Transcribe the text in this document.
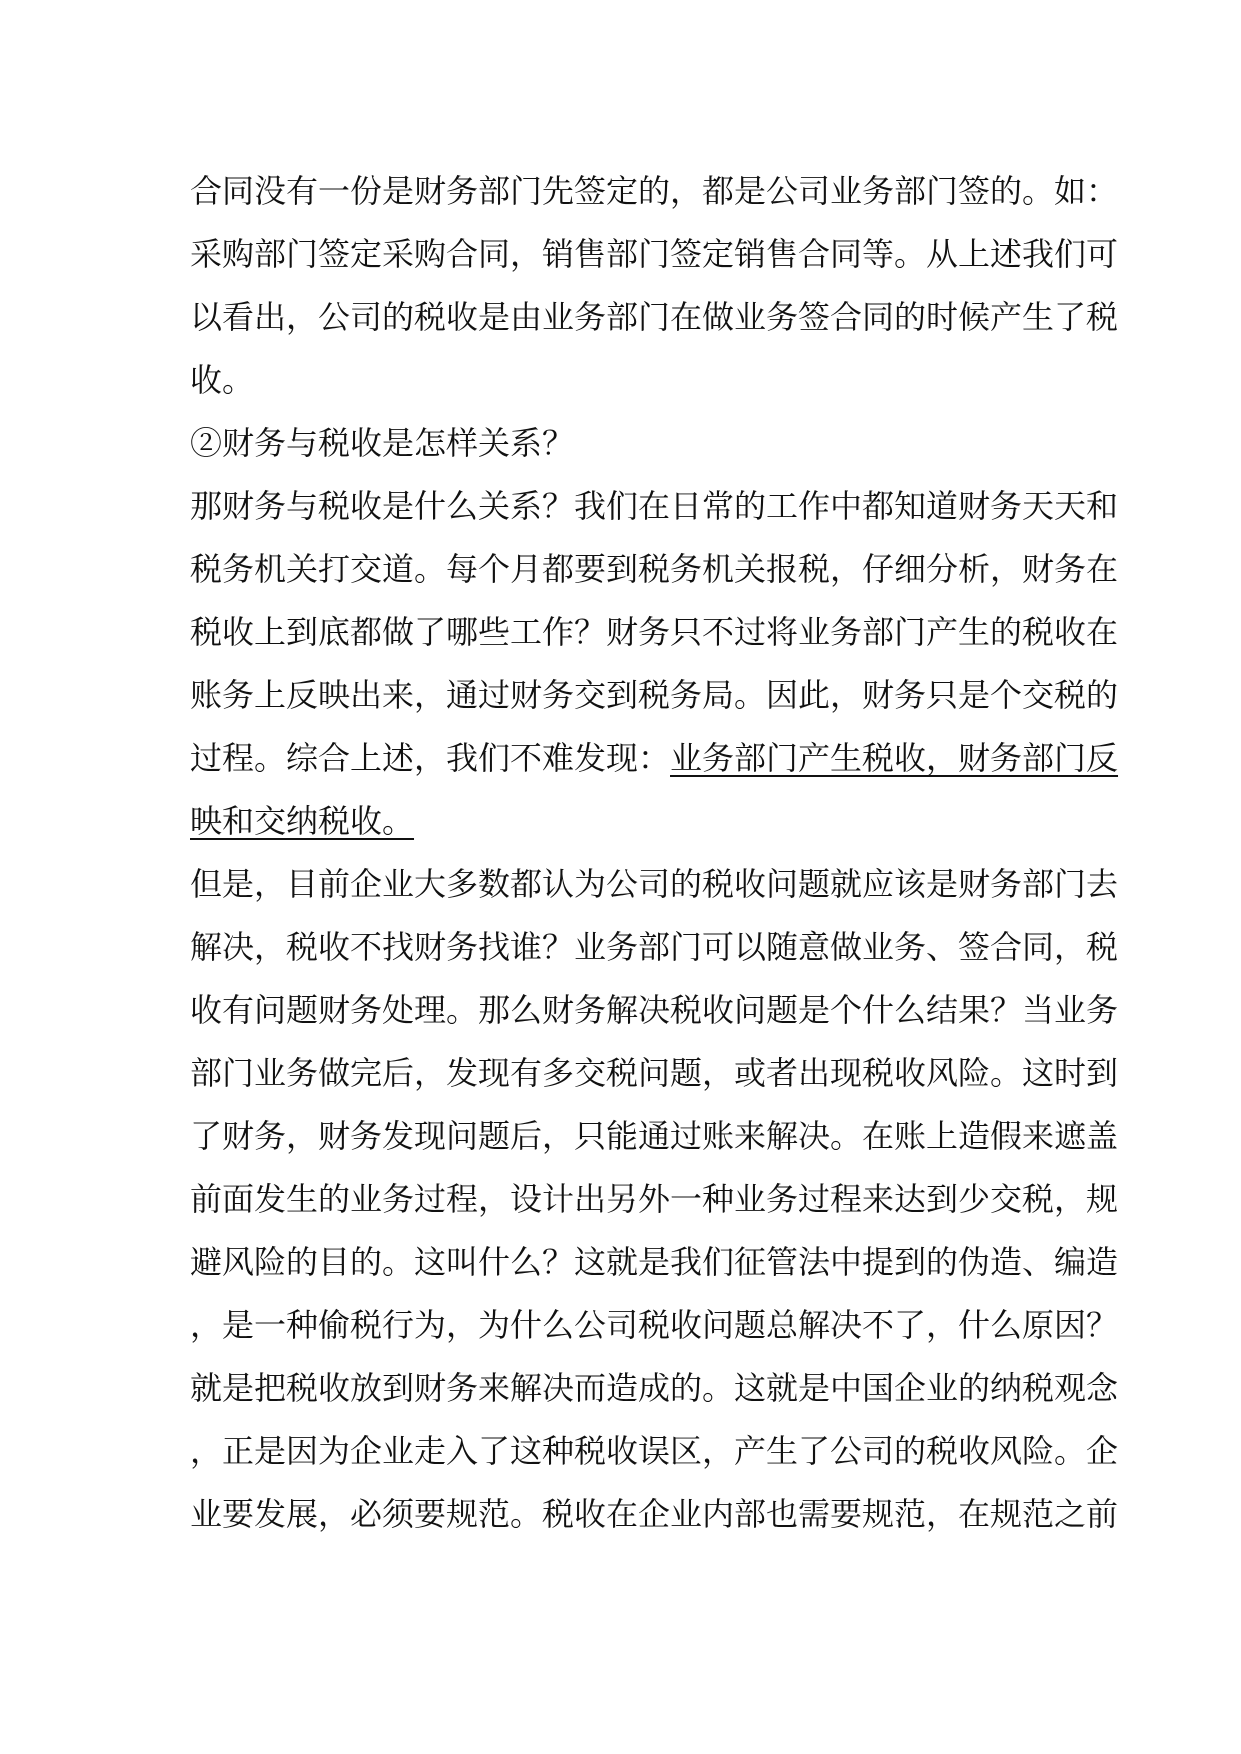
合同没有一份是财务部门先签定的，都是公司业务部门签的。如：
采购部门签定采购合同，销售部门签定销售合同等。从上述我们可
以看出，公司的税收是由业务部门在做业务签合同的时候产生了税
收。
②财务与税收是怎样关系？
那财务与税收是什么关系？我们在日常的工作中都知道财务天天和
税务机关打交道。每个月都要到税务机关报税，仔细分析，财务在
税收上到底都做了哪些工作？财务只不过将业务部门产生的税收在
账务上反映出来，通过财务交到税务局。因此，财务只是个交税的
过程。综合上述，我们不难发现：业务部门产生税收，财务部门反
映和交纳税收。
但是，目前企业大多数都认为公司的税收问题就应该是财务部门去
解决，税收不找财务找谁？业务部门可以随意做业务、签合同，税
收有问题财务处理。那么财务解决税收问题是个什么结果？当业务
部门业务做完后，发现有多交税问题，或者出现税收风险。这时到
了财务，财务发现问题后，只能通过账来解决。在账上造假来遮盖
前面发生的业务过程，设计出另外一种业务过程来达到少交税，规
避风险的目的。这叫什么？这就是我们征管法中提到的伪造、编造
，是一种偷税行为，为什么公司税收问题总解决不了，什么原因？
就是把税收放到财务来解决而造成的。这就是中国企业的纳税观念
，正是因为企业走入了这种税收误区，产生了公司的税收风险。企
业要发展，必须要规范。税收在企业内部也需要规范，在规范之前
